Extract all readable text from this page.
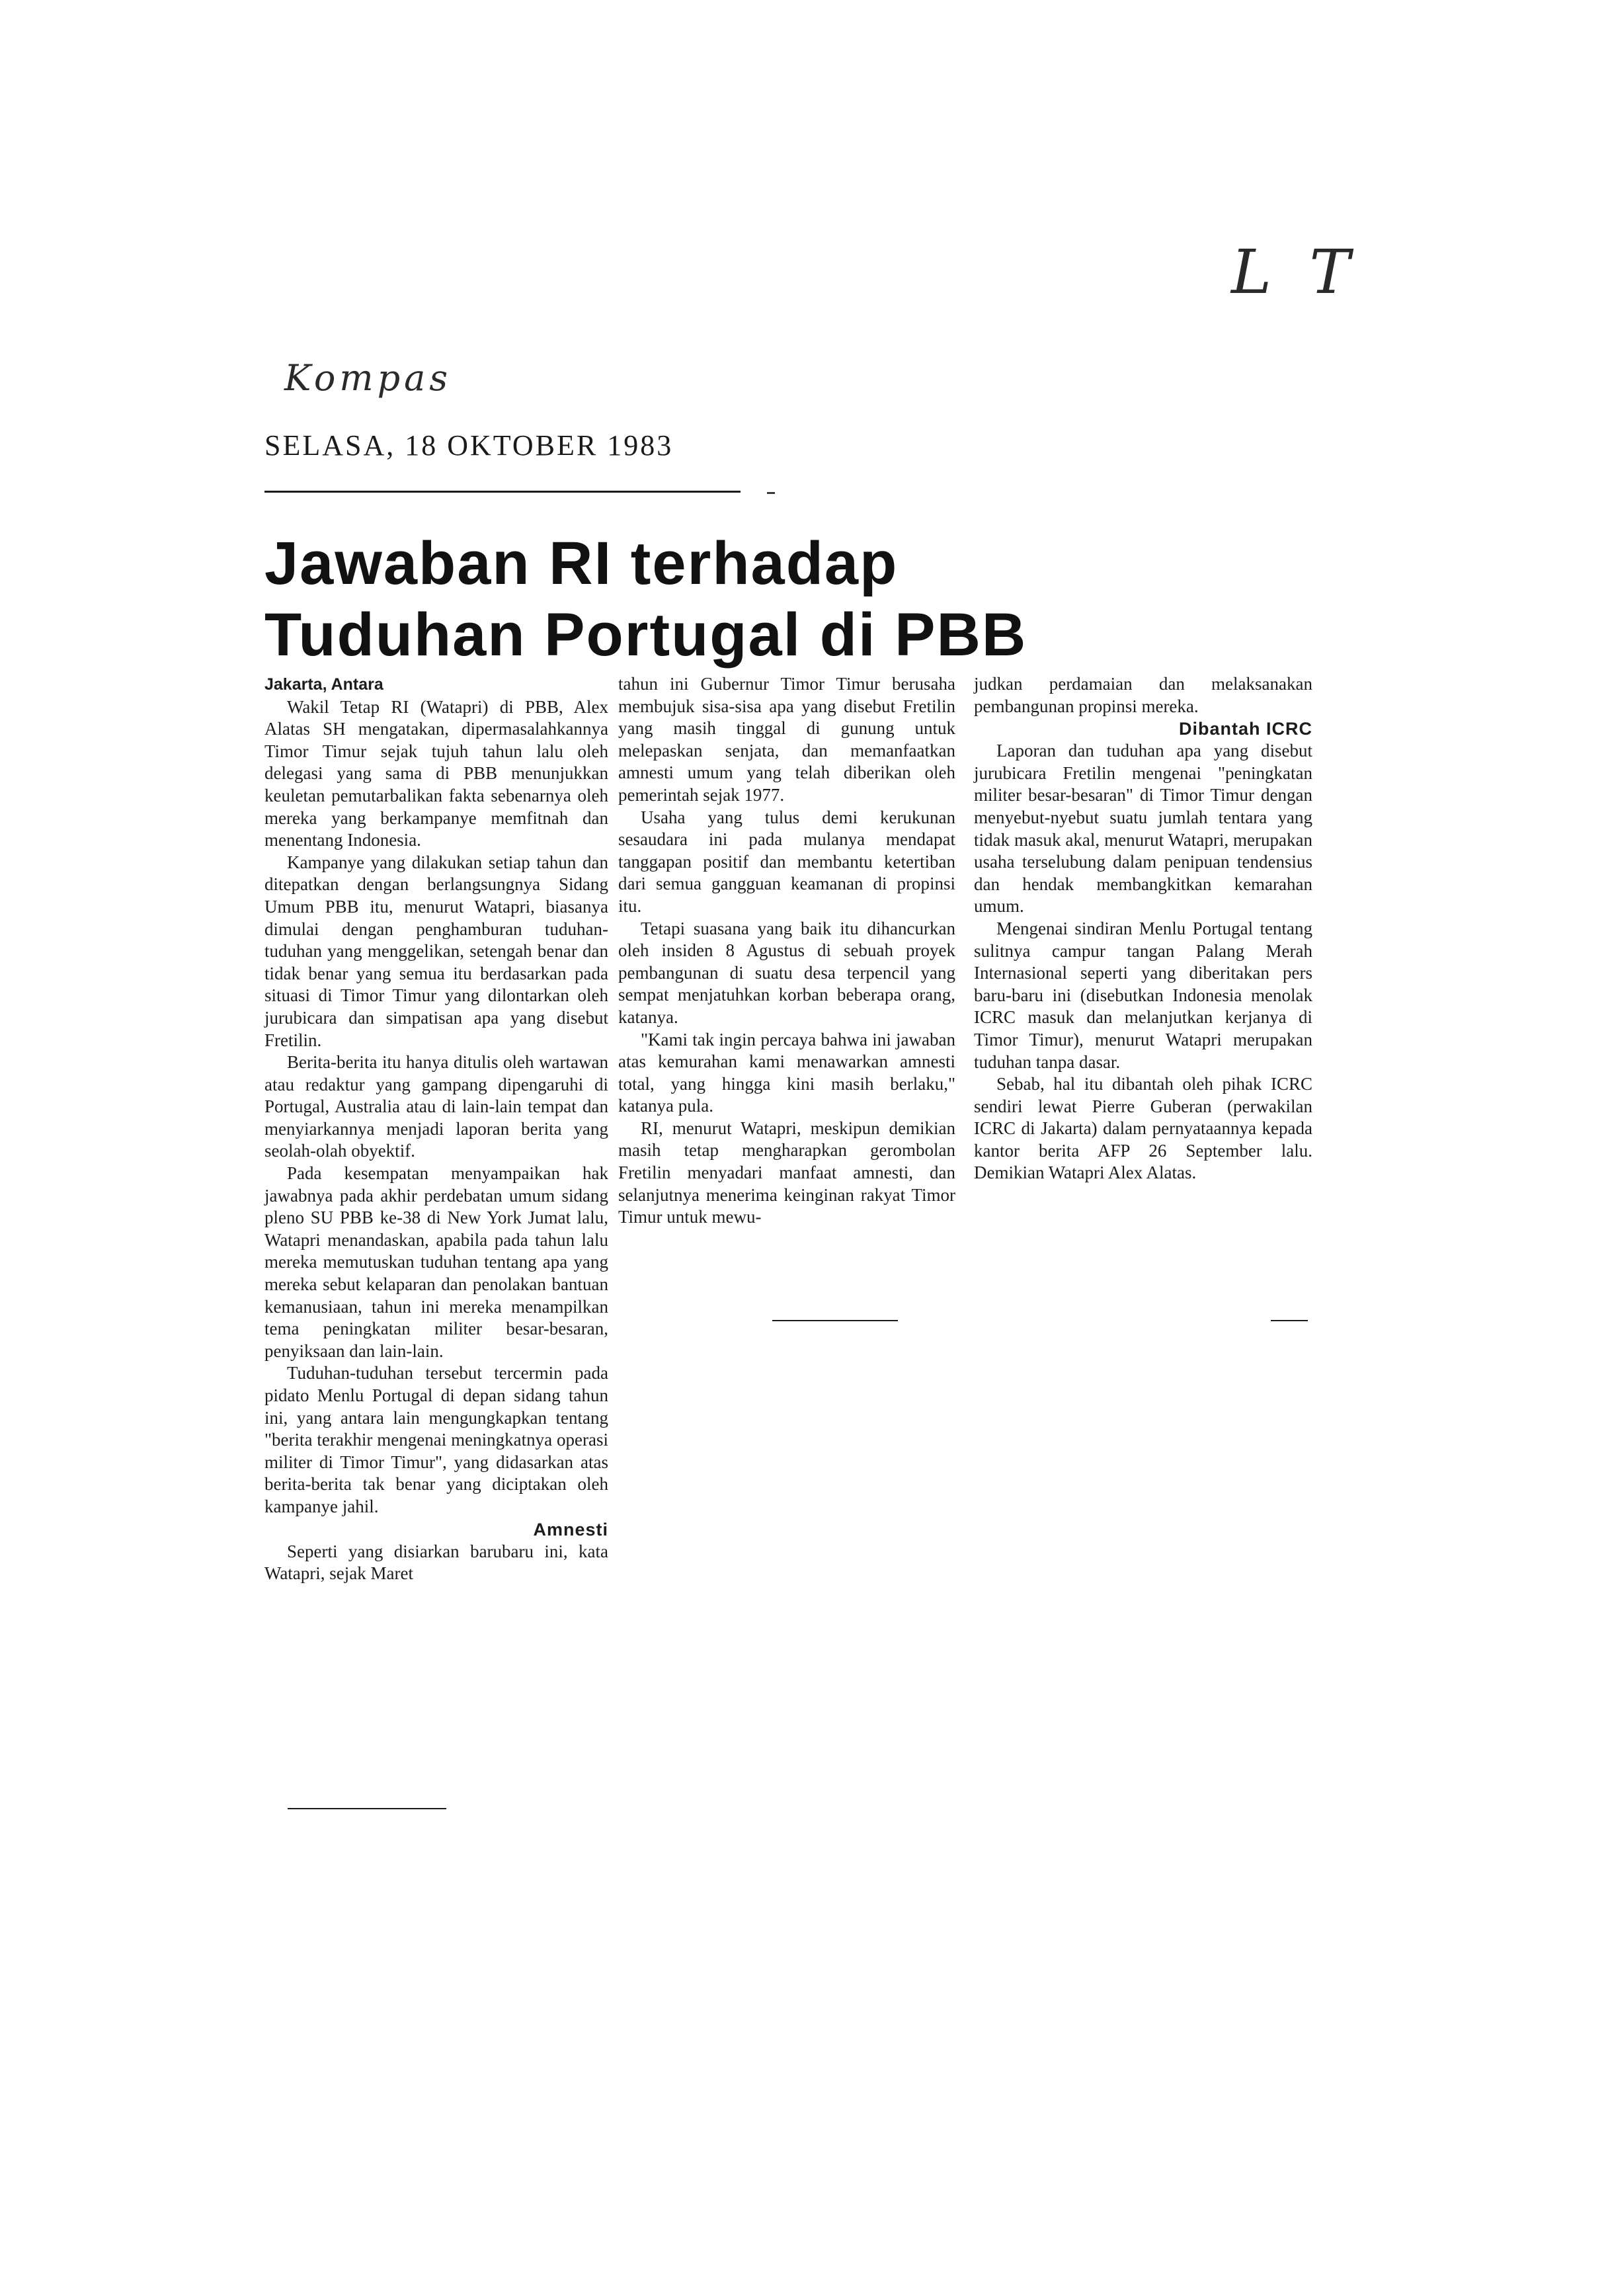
Kompas
L T
SELASA, 18 OKTOBER 1983
Jawaban RI terhadap
Tuduhan Portugal di PBB

Jakarta, Antara

Wakil Tetap RI (Watapri) di PBB, Alex Alatas SH mengatakan, dipermasalahkannya Timor Timur sejak tujuh tahun lalu oleh delegasi yang sama di PBB menunjukkan keuletan pemutarbalikan fakta sebenarnya oleh mereka yang berkampanye memfitnah dan menentang Indonesia.

Kampanye yang dilakukan setiap tahun dan ditepatkan dengan berlangsungnya Sidang Umum PBB itu, menurut Watapri, biasanya dimulai dengan penghamburan tuduhan-tuduhan yang menggelikan, setengah benar dan tidak benar yang semua itu berdasarkan pada situasi di Timor Timur yang dilontarkan oleh jurubicara dan simpatisan apa yang disebut Fretilin.

Berita-berita itu hanya ditulis oleh wartawan atau redaktur yang gampang dipengaruhi di Portugal, Australia atau di lain-lain tempat dan menyiarkannya menjadi laporan berita yang seolah-olah obyektif.

Pada kesempatan menyampaikan hak jawabnya pada akhir perdebatan umum sidang pleno SU PBB ke-38 di New York Jumat lalu, Watapri menandaskan, apabila pada tahun lalu mereka memutuskan tuduhan tentang apa yang mereka sebut kelaparan dan penolakan bantuan kemanusiaan, tahun ini mereka menampilkan tema peningkatan militer besar-besaran, penyiksaan dan lain-lain.

Tuduhan-tuduhan tersebut tercermin pada pidato Menlu Portugal di depan sidang tahun ini, yang antara lain mengungkapkan tentang "berita terakhir mengenai meningkatnya operasi militer di Timor Timur", yang didasarkan atas berita-berita tak benar yang diciptakan oleh kampanye jahil.

Amnesti

Seperti yang disiarkan barubaru ini, kata Watapri, sejak Maret

tahun ini Gubernur Timor Timur berusaha membujuk sisa-sisa apa yang disebut Fretilin yang masih tinggal di gunung untuk melepaskan senjata, dan memanfaatkan amnesti umum yang telah diberikan oleh pemerintah sejak 1977.

Usaha yang tulus demi kerukunan sesaudara ini pada mulanya mendapat tanggapan positif dan membantu ketertiban dari semua gangguan keamanan di propinsi itu.

Tetapi suasana yang baik itu dihancurkan oleh insiden 8 Agustus di sebuah proyek pembangunan di suatu desa terpencil yang sempat menjatuhkan korban beberapa orang, katanya.

"Kami tak ingin percaya bahwa ini jawaban atas kemurahan kami menawarkan amnesti total, yang hingga kini masih berlaku," katanya pula.

RI, menurut Watapri, meskipun demikian masih tetap mengharapkan gerombolan Fretilin menyadari manfaat amnesti, dan selanjutnya menerima keinginan rakyat Timor Timur untuk mewu-

judkan perdamaian dan melaksanakan pembangunan propinsi mereka.

Dibantah ICRC

Laporan dan tuduhan apa yang disebut jurubicara Fretilin mengenai "peningkatan militer besar-besaran" di Timor Timur dengan menyebut-nyebut suatu jumlah tentara yang tidak masuk akal, menurut Watapri, merupakan usaha terselubung dalam penipuan tendensius dan hendak membangkitkan kemarahan umum.

Mengenai sindiran Menlu Portugal tentang sulitnya campur tangan Palang Merah Internasional seperti yang diberitakan pers baru-baru ini (disebutkan Indonesia menolak ICRC masuk dan melanjutkan kerjanya di Timor Timur), menurut Watapri merupakan tuduhan tanpa dasar.

Sebab, hal itu dibantah oleh pihak ICRC sendiri lewat Pierre Guberan (perwakilan ICRC di Jakarta) dalam pernyataannya kepada kantor berita AFP 26 September lalu. Demikian Watapri Alex Alatas.
